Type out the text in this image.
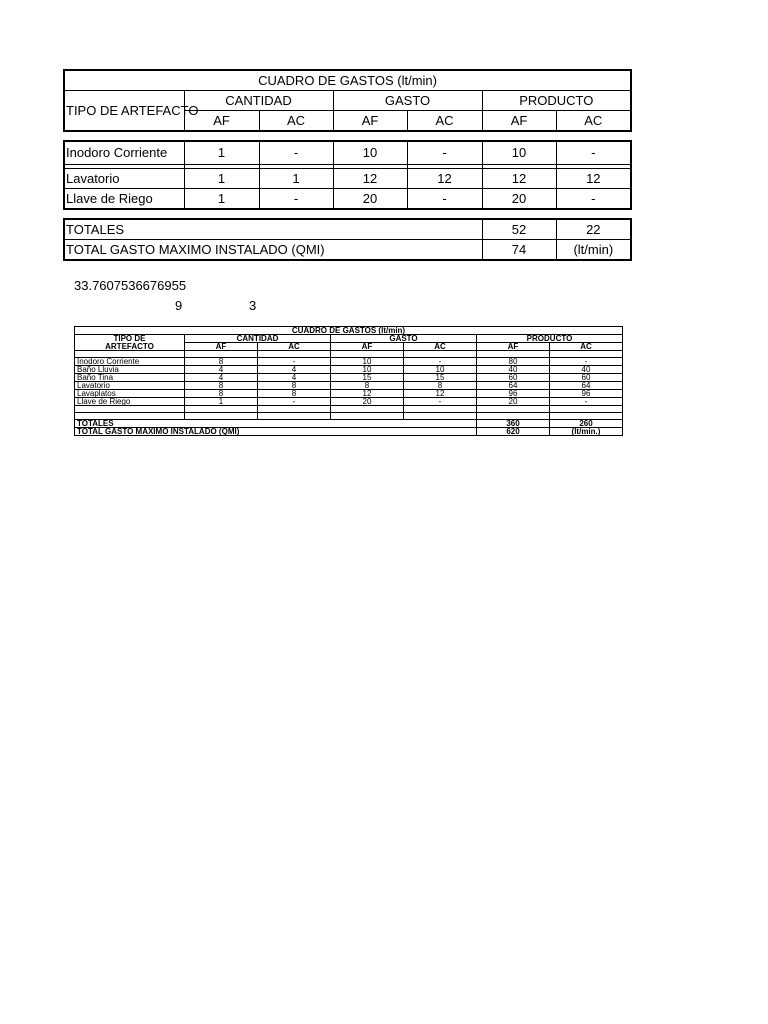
CUADRO DE GASTOS (lt/min)						
TIPO DE ARTEFACTO	CANTIDAD		GASTO		PRODUCTO	
	AF	AC	AF	AC	AF	AC

Inodoro Corriente	1	-	10	-	10	-

Lavatorio	1	1	12	12	12	12
Llave de Riego	1	-	20	-	20	-

TOTALES					52	22
TOTAL GASTO MAXIMO INSTALADO (QMI)					74	(lt/min)
33.7607536676955
9	3
CUADRO DE GASTOS (lt/min)						
TIPO DE	CANTIDAD		GASTO		PRODUCTO	
ARTEFACTO	AF	AC	AF	AC	AF	AC

Inodoro Corriente	8	-	10	-	80	-
Baño Lluvia	4	4	10	10	40	40
Baño Tina	4	4	15	15	60	60
Lavatorio	8	8	8	8	64	64
Lavaplatos	8	8	12	12	96	96
Llave de Riego	1	-	20	-	20	-

TOTALES					360	260
TOTAL GASTO MAXIMO INSTALADO (QMI)					620	(lt/min.)
